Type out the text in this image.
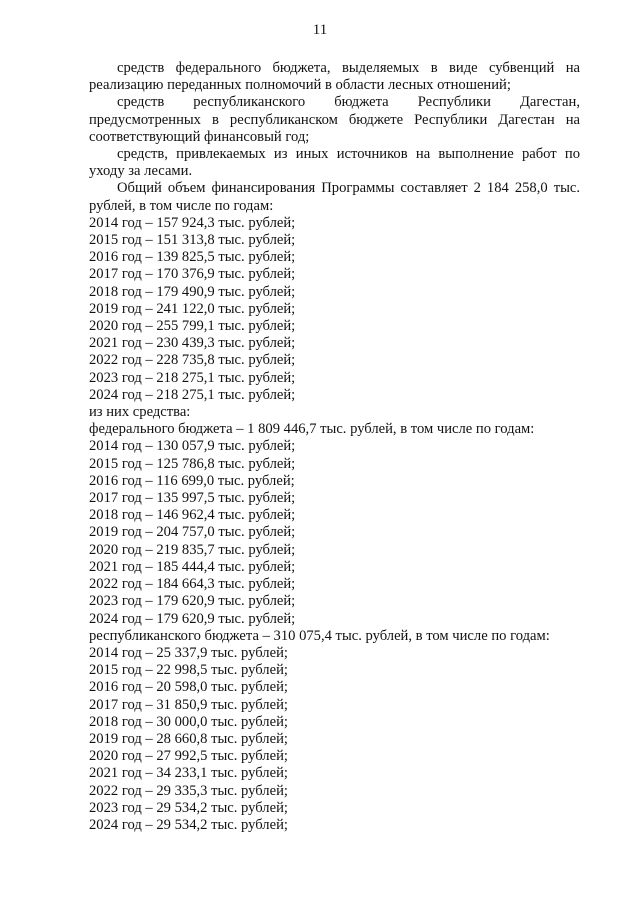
11

средств федерального бюджета, выделяемых в виде субвенций на реализацию переданных полномочий в области лесных отношений;

средств республиканского бюджета Республики Дагестан,

предусмотренных в республиканском бюджете Республики Дагестан на соответствующий финансовый год;

средств, привлекаемых из иных источников на выполнение работ по уходу за лесами.

Общий объем финансирования Программы составляет 2 184 258,0 тыс. рублей, в том числе по годам:

2014 год – 157 924,3 тыс. рублей;

2015 год – 151 313,8 тыс. рублей;

2016 год – 139 825,5 тыс. рублей;

2017 год – 170 376,9 тыс. рублей;

2018 год – 179 490,9 тыс. рублей;

2019 год – 241 122,0 тыс. рублей;

2020 год – 255 799,1 тыс. рублей;

2021 год – 230 439,3 тыс. рублей;

2022 год – 228 735,8 тыс. рублей;

2023 год – 218 275,1 тыс. рублей;

2024 год – 218 275,1 тыс. рублей;

из них средства:

федерального бюджета – 1 809 446,7 тыс. рублей, в том числе по годам:

2014 год – 130 057,9 тыс. рублей;

2015 год – 125 786,8 тыс. рублей;

2016 год – 116 699,0 тыс. рублей;

2017 год – 135 997,5 тыс. рублей;

2018 год – 146 962,4 тыс. рублей;

2019 год – 204 757,0 тыс. рублей;

2020 год – 219 835,7 тыс. рублей;

2021 год – 185 444,4 тыс. рублей;

2022 год – 184 664,3 тыс. рублей;

2023 год – 179 620,9 тыс. рублей;

2024 год – 179 620,9 тыс. рублей;

республиканского бюджета – 310 075,4 тыс. рублей, в том числе по годам:

2014 год – 25 337,9 тыс. рублей;

2015 год – 22 998,5 тыс. рублей;

2016 год – 20 598,0 тыс. рублей;

2017 год – 31 850,9 тыс. рублей;

2018 год – 30 000,0 тыс. рублей;

2019 год – 28 660,8 тыс. рублей;

2020 год – 27 992,5 тыс. рублей;

2021 год – 34 233,1 тыс. рублей;

2022 год – 29 335,3 тыс. рублей;

2023 год – 29 534,2 тыс. рублей;

2024 год – 29 534,2 тыс. рублей;
